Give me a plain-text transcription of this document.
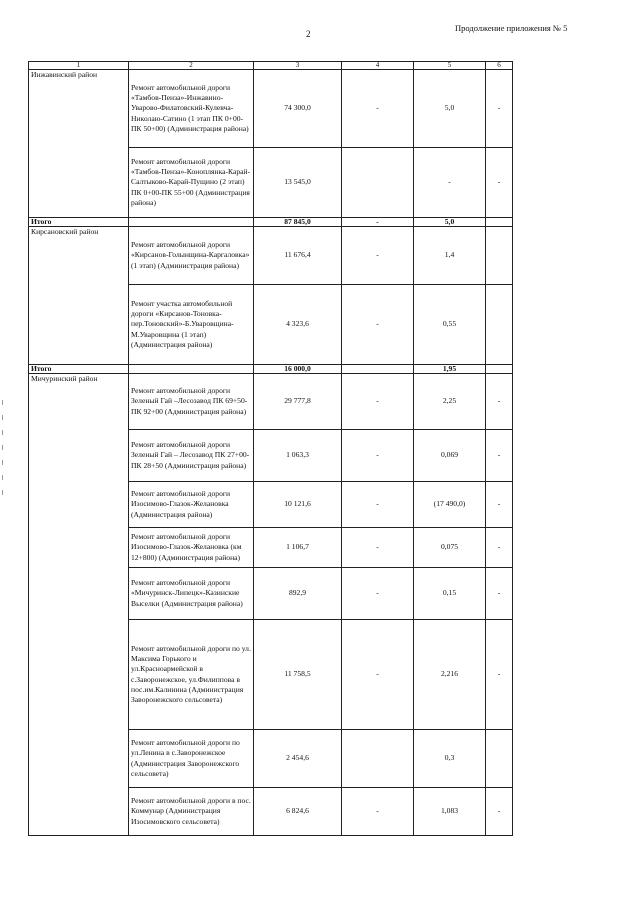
2
Продолжение приложения № 5
1	2	3	4	5	6
Инжавинский район	Ремонт автомобильной дороги «Тамбов-Пенза»-Инжавино-Уварово-Филатовский-Кулевча-Николаю-Сатино (1 этап ПК 0+00-ПК 50+00) (Администрация района)	74 300,0	-	5,0	-
	Ремонт автомобильной дороги «Тамбов-Пенза»-Коноплянка-Карай-Салтыково-Карай-Пущино (2 этап) ПК 0+00-ПК 55+00 (Администрация района)	13 545,0		-	-
Итого		87 845,0	-	5,0	
Кирсановский район	Ремонт автомобильной дороги «Кирсанов-Голынщина-Каргаловка» (1 этап) (Администрация района)	11 676,4	-	1,4	
	Ремонт участка автомобильной дороги «Кирсанов-Тоновка-пер.Тоновский»-Б.Уваровщина-М.Уваровщина (1 этап) (Администрация района)	4 323,6	-	0,55	
Итого		16 000,0		1,95	
Мичуринский район	Ремонт автомобильной дороги Зеленый Гай –Лесозавод ПК 69+50-ПК 92+00 (Администрация района)	29 777,8	-	2,25	-
	Ремонт автомобильной дороги Зеленый Гай – Лесозавод ПК 27+00-ПК 28+50 (Администрация района)	1 063,3	-	0,069	-
	Ремонт автомобильной дороги Изосимово-Глазок-Желановка (Администрация района)	10 121,6	-	(17 490,0)	-
	Ремонт автомобильной дороги Изосимово-Глазок-Желановка (км 12+800) (Администрация района)	1 106,7	-	0,075	-
	Ремонт автомобильной дороги «Мичуринск-Липецк»-Казинские Выселки (Администрация района)	892,9	-	0,15	-
	Ремонт автомобильной дороги по ул. Максима Горького и ул.Красноармейской в с.Заворонежское, ул.Филиппова в пос.им.Калинина (Администрация Заворонежского сельсовета)	11 758,5	-	2,216	-
	Ремонт автомобильной дороги по ул.Ленина в с.Заворонежское (Администрация Заворонежского сельсовета)	2 454,6		0,3	
	Ремонт автомобильной дороги в пос. Коммунар (Администрация Изосимовского сельсовета)	6 824,6	-	1,083	-
